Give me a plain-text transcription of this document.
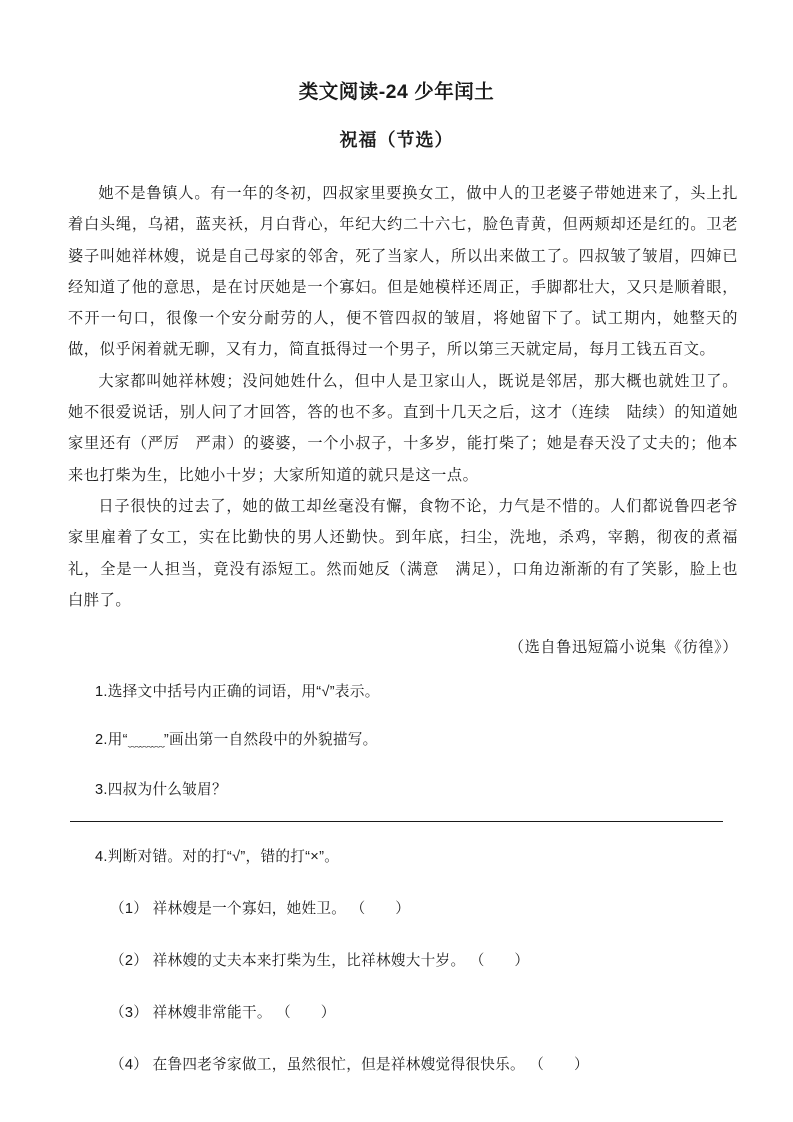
类文阅读-24 少年闰土
祝福（节选）

她不是鲁镇人。有一年的冬初，四叔家里要换女工，做中人的卫老婆子带她进来了，头上扎着白头绳，乌裙，蓝夹袄，月白背心，年纪大约二十六七，脸色青黄，但两颊却还是红的。卫老婆子叫她祥林嫂，说是自己母家的邻舍，死了当家人，所以出来做工了。四叔皱了皱眉，四婶已经知道了他的意思，是在讨厌她是一个寡妇。但是她模样还周正，手脚都壮大，又只是顺着眼，不开一句口，很像一个安分耐劳的人，便不管四叔的皱眉，将她留下了。试工期内，她整天的做，似乎闲着就无聊，又有力，简直抵得过一个男子，所以第三天就定局，每月工钱五百文。

大家都叫她祥林嫂；没问她姓什么，但中人是卫家山人，既说是邻居，那大概也就姓卫了。她不很爱说话，别人问了才回答，答的也不多。直到十几天之后，这才（连续　陆续）的知道她家里还有（严厉　严肃）的婆婆，一个小叔子，十多岁，能打柴了；她是春天没了丈夫的；他本来也打柴为生，比她小十岁；大家所知道的就只是这一点。

日子很快的过去了，她的做工却丝毫没有懈，食物不论，力气是不惜的。人们都说鲁四老爷家里雇着了女工，实在比勤快的男人还勤快。到年底，扫尘，洗地，杀鸡，宰鹅，彻夜的煮福礼，全是一人担当，竟没有添短工。然而她反（满意　满足），口角边渐渐的有了笑影，脸上也白胖了。

（选自鲁迅短篇小说集《彷徨》）

1.选择文中括号内正确的词语，用“√”表示。
2.用“﹏﹏﹏”画出第一自然段中的外貌描写。
3.四叔为什么皱眉？

4.判断对错。对的打“√”，错的打“×”。

（1） 祥林嫂是一个寡妇，她姓卫。 （　　）
（2） 祥林嫂的丈夫本来打柴为生，比祥林嫂大十岁。 （　　）
（3） 祥林嫂非常能干。 （　　）
（4） 在鲁四老爷家做工，虽然很忙，但是祥林嫂觉得很快乐。 （　　）
